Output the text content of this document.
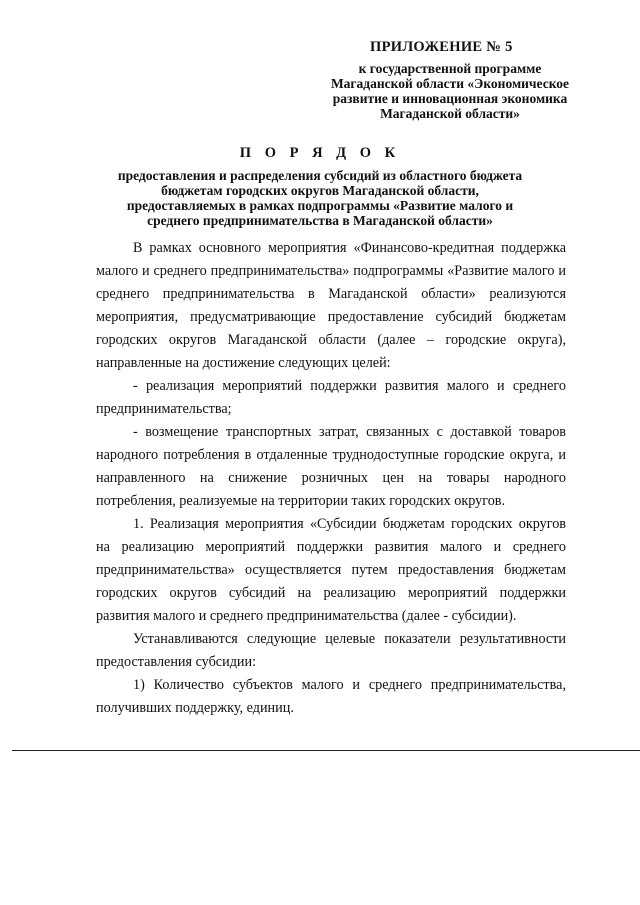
ПРИЛОЖЕНИЕ № 5
к государственной программе
Магаданской области «Экономическое
развитие и инновационная экономика
Магаданской области»
П О Р Я Д О К
предоставления и распределения субсидий из областного бюджета
бюджетам городских округов Магаданской области,
предоставляемых в рамках подпрограммы «Развитие малого и
среднего предпринимательства в Магаданской области»

В рамках основного мероприятия «Финансово-кредитная поддержка малого и среднего предпринимательства» подпрограммы «Развитие малого и среднего предпринимательства в Магаданской области» реализуются мероприятия, предусматривающие предоставление субсидий бюджетам городских округов Магаданской области (далее – городские округа), направленные на достижение следующих целей:

- реализация мероприятий поддержки развития малого и среднего предпринимательства;

- возмещение транспортных затрат, связанных с доставкой товаров народного потребления в отдаленные труднодоступные городские округа, и направленного на снижение розничных цен на товары народного потребления, реализуемые на территории таких городских округов.

1. Реализация мероприятия «Субсидии бюджетам городских округов на реализацию мероприятий поддержки развития малого и среднего предпринимательства» осуществляется путем предоставления бюджетам городских округов субсидий на реализацию мероприятий поддержки развития малого и среднего предпринимательства (далее - субсидии).

Устанавливаются следующие целевые показатели результативности предоставления субсидии:

1) Количество субъектов малого и среднего предпринимательства, получивших поддержку, единиц.
